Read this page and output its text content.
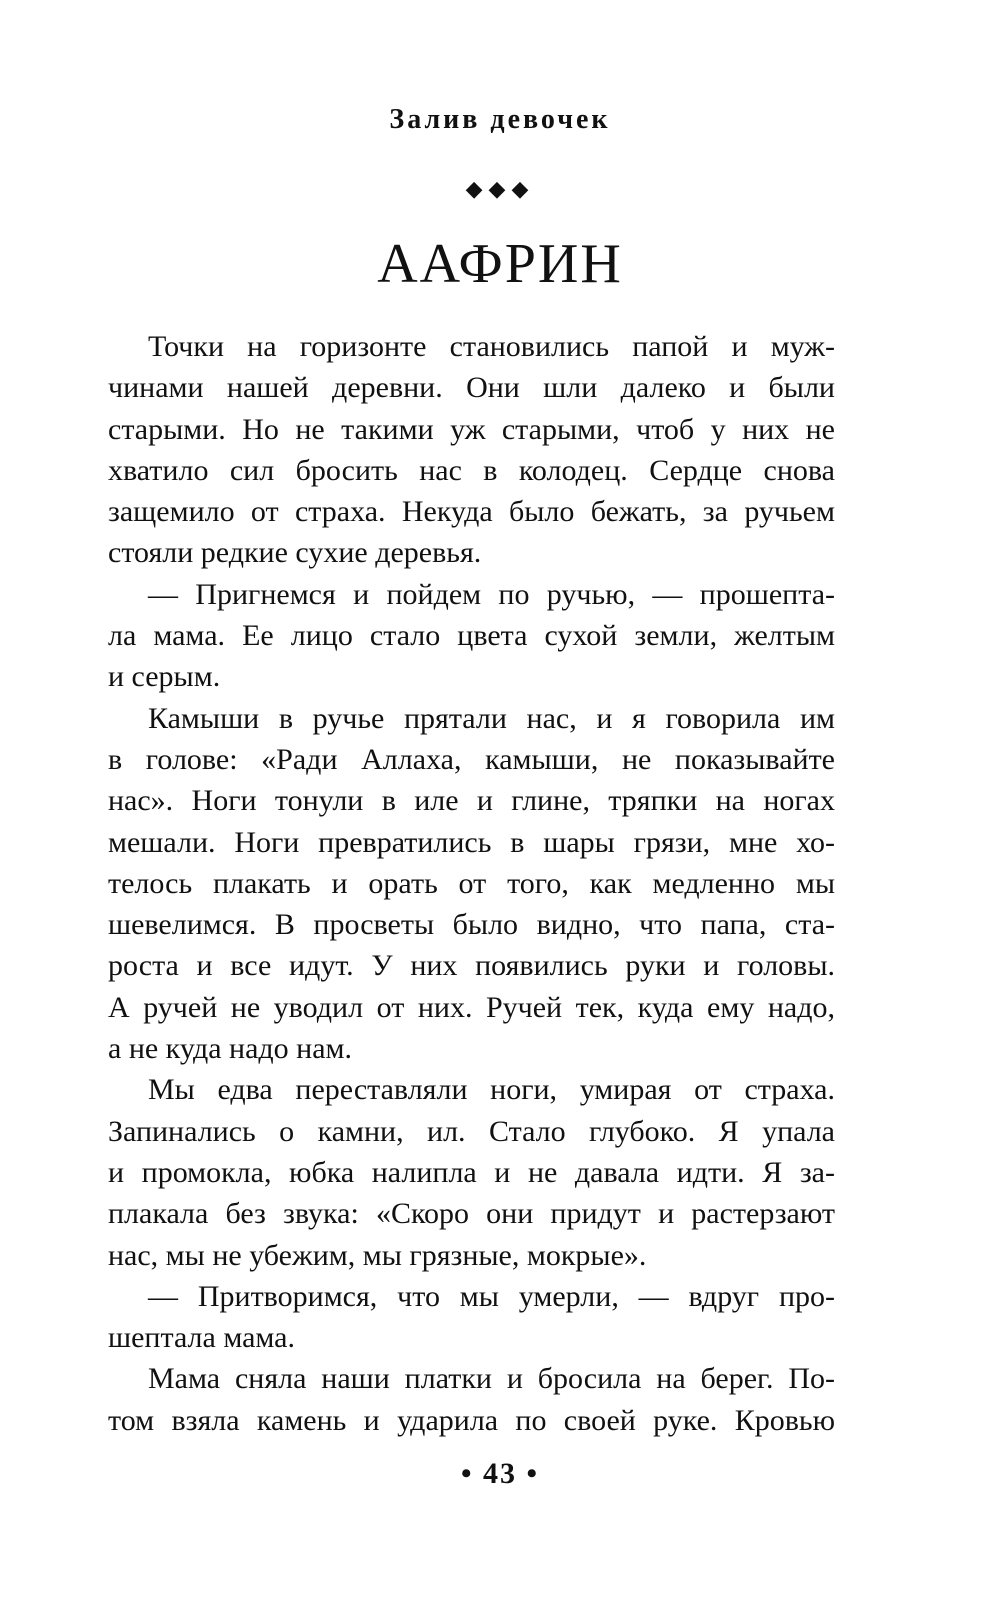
Залив девочек
◆◆◆
ААФРИН
Точки на горизонте становились папой и муж-
чинами нашей деревни. Они шли далеко и были
старыми. Но не такими уж старыми, чтоб у них не
хватило сил бросить нас в колодец. Сердце снова
защемило от страха. Некуда было бежать, за ручьем
стояли редкие сухие деревья.
— Пригнемся и пойдем по ручью, — прошепта-
ла мама. Ее лицо стало цвета сухой земли, желтым
и серым.
Камыши в ручье прятали нас, и я говорила им
в голове: «Ради Аллаха, камыши, не показывайте
нас». Ноги тонули в иле и глине, тряпки на ногах
мешали. Ноги превратились в шары грязи, мне хо-
телось плакать и орать от того, как медленно мы
шевелимся. В просветы было видно, что папа, ста-
роста и все идут. У них появились руки и головы.
А ручей не уводил от них. Ручей тек, куда ему надо,
а не куда надо нам.
Мы едва переставляли ноги, умирая от страха.
Запинались о камни, ил. Стало глубоко. Я упала
и промокла, юбка налипла и не давала идти. Я за-
плакала без звука: «Скоро они придут и растерзают
нас, мы не убежим, мы грязные, мокрые».
— Притворимся, что мы умерли, — вдруг про-
шептала мама.
Мама сняла наши платки и бросила на берег. По-
том взяла камень и ударила по своей руке. Кровью
• 43 •
